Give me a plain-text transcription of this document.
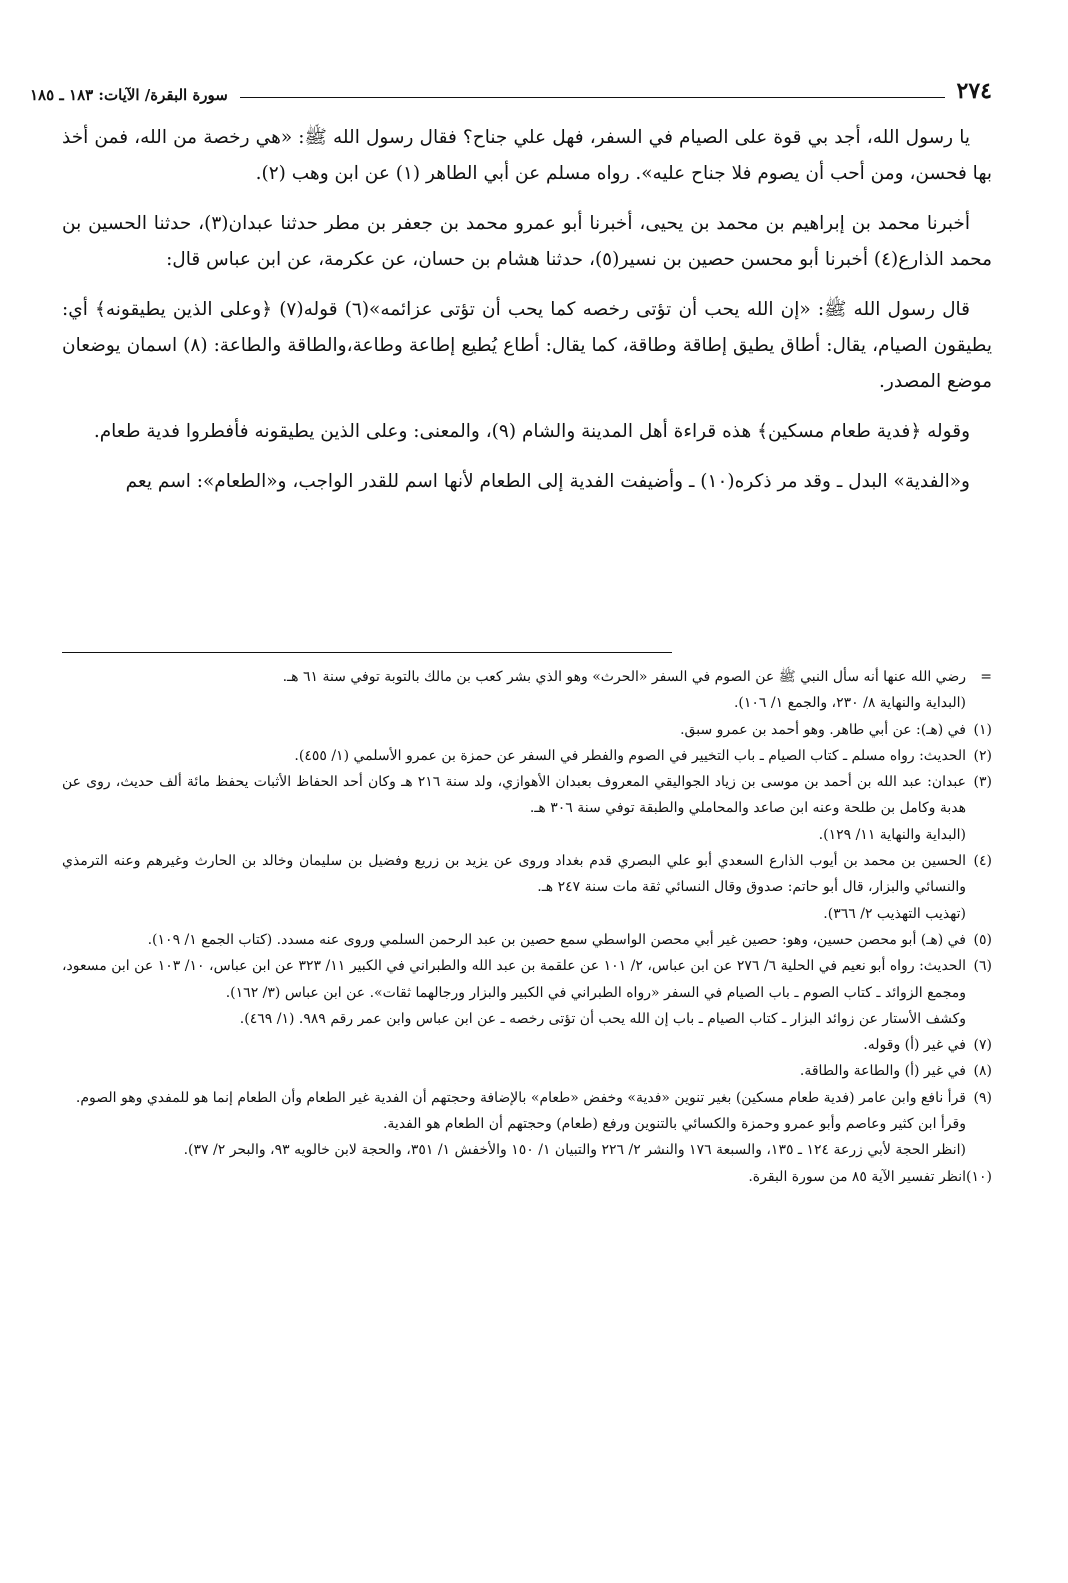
٢٧٤
سورة البقرة/ الآيات: ١٨٣ ـ ١٨٥

يا رسول الله، أجد بي قوة على الصيام في السفر، فهل علي جناح؟ فقال رسول الله ﷺ: «هي رخصة من الله، فمن أخذ بها فحسن، ومن أحب أن يصوم فلا جناح عليه». رواه مسلم عن أبي الطاهر (١) عن ابن وهب (٢).

أخبرنا محمد بن إبراهيم بن محمد بن يحيى، أخبرنا أبو عمرو محمد بن جعفر بن مطر حدثنا عبدان(٣)، حدثنا الحسين بن محمد الذارع(٤) أخبرنا أبو محسن حصين بن نسير(٥)، حدثنا هشام بن حسان، عن عكرمة، عن ابن عباس قال:

قال رسول الله ﷺ: «إن الله يحب أن تؤتى رخصه كما يحب أن تؤتى عزائمه»(٦) قوله(٧) ﴿وعلى الذين يطيقونه﴾ أي: يطيقون الصيام، يقال: أطاق يطيق إطاقة وطاقة، كما يقال: أطاع يُطيع إطاعة وطاعة،والطاقة والطاعة: (٨) اسمان يوضعان موضع المصدر.

وقوله ﴿فدية طعام مسكين﴾ هذه قراءة أهل المدينة والشام (٩)، والمعنى: وعلى الذين يطيقونه فأفطروا فدية طعام.

و«الفدية» البدل ـ وقد مر ذكره(١٠) ـ وأضيفت الفدية إلى الطعام لأنها اسم للقدر الواجب، و«الطعام»: اسم يعم

=
رضي الله عنها أنه سأل النبي ﷺ عن الصوم في السفر «الحرث» وهو الذي بشر كعب بن مالك بالتوبة توفي سنة ٦١ هـ.
(البداية والنهاية ٨/ ٢٣٠، والجمع ١/ ١٠٦).
(١)
في (هـ): عن أبي طاهر. وهو أحمد بن عمرو سبق.
(٢)
الحديث: رواه مسلم ـ كتاب الصيام ـ باب التخيير في الصوم والفطر في السفر عن حمزة بن عمرو الأسلمي (١/ ٤٥٥).
(٣)
عبدان: عبد الله بن أحمد بن موسى بن زياد الجواليقي المعروف بعبدان الأهوازي، ولد سنة ٢١٦ هـ وكان أحد الحفاظ الأثبات يحفظ مائة ألف حديث، روى عن هدبة وكامل بن طلحة وعنه ابن صاعد والمحاملي والطبقة توفي سنة ٣٠٦ هـ.
(البداية والنهاية ١١/ ١٢٩).
(٤)
الحسين بن محمد بن أيوب الذارع السعدي أبو علي البصري قدم بغداد وروى عن يزيد بن زريع وفضيل بن سليمان وخالد بن الحارث وغيرهم وعنه الترمذي والنسائي والبزار، قال أبو حاتم: صدوق وقال النسائي ثقة مات سنة ٢٤٧ هـ.
(تهذيب التهذيب ٢/ ٣٦٦).
(٥)
في (هـ) أبو محصن حسين، وهو: حصين غير أبي محصن الواسطي سمع حصين بن عبد الرحمن السلمي وروى عنه مسدد. (كتاب الجمع ١/ ١٠٩).
(٦)
الحديث: رواه أبو نعيم في الحلية ٦/ ٢٧٦ عن ابن عباس، ٢/ ١٠١ عن علقمة بن عبد الله والطبراني في الكبير ١١/ ٣٢٣ عن ابن عباس، ١٠/ ١٠٣ عن ابن مسعود، ومجمع الزوائد ـ كتاب الصوم ـ باب الصيام في السفر «رواه الطبراني في الكبير والبزار ورجالهما ثقات». عن ابن عباس (٣/ ١٦٢).
وكشف الأستار عن زوائد البزار ـ كتاب الصيام ـ باب إن الله يحب أن تؤتى رخصه ـ عن ابن عباس وابن عمر رقم ٩٨٩. (١/ ٤٦٩).
(٧)
في غير (أ) وقوله.
(٨)
في غير (أ) والطاعة والطاقة.
(٩)
قرأ نافع وابن عامر (فدية طعام مسكين) بغير تنوين «فدية» وخفض «طعام» بالإضافة وحجتهم أن الفدية غير الطعام وأن الطعام إنما هو للمفدي وهو الصوم.
وقرأ ابن كثير وعاصم وأبو عمرو وحمزة والكسائي بالتنوين ورفع (طعام) وحجتهم أن الطعام هو الفدية.
(انظر الحجة لأبي زرعة ١٢٤ ـ ١٣٥، والسبعة ١٧٦ والنشر ٢/ ٢٢٦ والتبيان ١/ ١٥٠ والأخفش ١/ ٣٥١، والحجة لابن خالويه ٩٣، والبحر ٢/ ٣٧).
(١٠)
انظر تفسير الآية ٨٥ من سورة البقرة.
